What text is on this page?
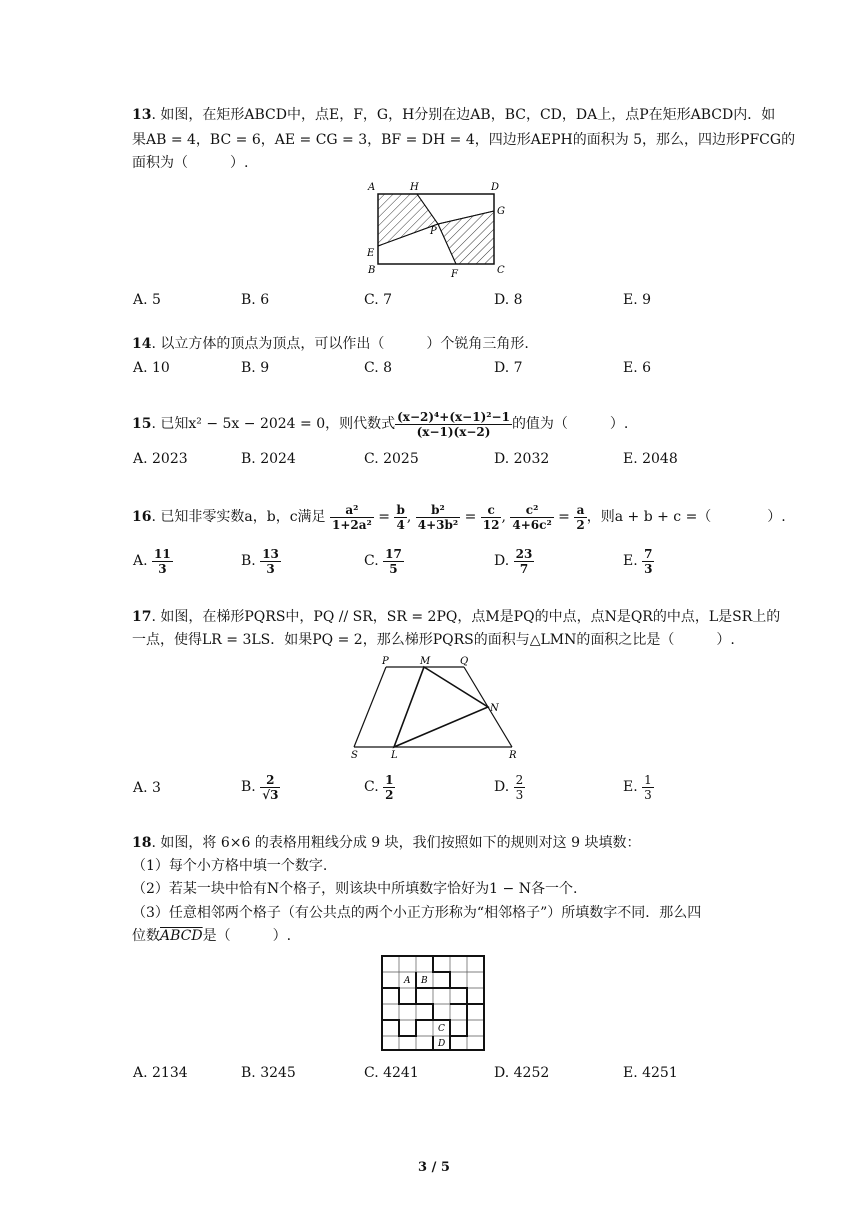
13. 如图，在矩形ABCD中，点E，F，G，H分别在边AB，BC，CD，DA上，点P在矩形ABCD内．如
果AB = 4，BC = 6，AE = CG = 3，BF = DH = 4，四边形AEPH的面积为 5，那么，四边形PFCG的
面积为（　　　）.
A	H	D
G
P
E
B	F	C
A. 5	B. 6	C. 7	D. 8	E. 9
14. 以立方体的顶点为顶点，可以作出（　　　）个锐角三角形.
A. 10	B. 9	C. 8	D. 7	E. 6
15. 已知x² − 5x − 2024 = 0，则代数式 $\frac{\text{(x−2)⁴+(x−1)²−1}}{(x-1)(x-2)}$ 的值为（　　　）.
A. 2023	B. 2024	C. 2025	D. 2032	E. 2048
16. 已知非零实数a，b，c满足 $\frac{\text{a²}}{\text{1+2a²}} = \frac{b}{4}$ , $\frac{\text{b²}}{\text{4+3b²}} = \frac{c}{12}$ , $\frac{\text{c²}}{\text{4+6c²}} = \frac{a}{2}$ ，则a + b + c =（　　　　）.
A. $\frac{11}{3}$	B. $\frac{13}{3}$	C. $\frac{17}{5}$	D. $\frac{23}{7}$	E. $\frac{7}{3}$
17. 如图，在梯形PQRS中，PQ // SR，SR = 2PQ，点M是PQ的中点，点N是QR的中点，L是SR上的
一点，使得LR = 3LS．如果PQ = 2，那么梯形PQRS的面积与△LMN的面积之比是（　　　）.
P	M	Q
N
S	L	R
A. 3	B. $\frac{2}{√3}$	C. $\frac{1}{2}$	D. $\frac{2}{3}$	E. $\frac{1}{3}$
18. 如图，将 6×6 的表格用粗线分成 9 块，我们按照如下的规则对这 9 块填数：
（1）每个小方格中填一个数字.
（2）若某一块中恰有N个格子，则该块中所填数字恰好为1 − N各一个.
（3）任意相邻两个格子（有公共点的两个小正方形称为“相邻格子”）所填数字不同．那么四
位数ABCD是（　　　）.
A B
C
D
A. 2134	B. 3245	C. 4241	D. 4252	E. 4251
3 / 5
